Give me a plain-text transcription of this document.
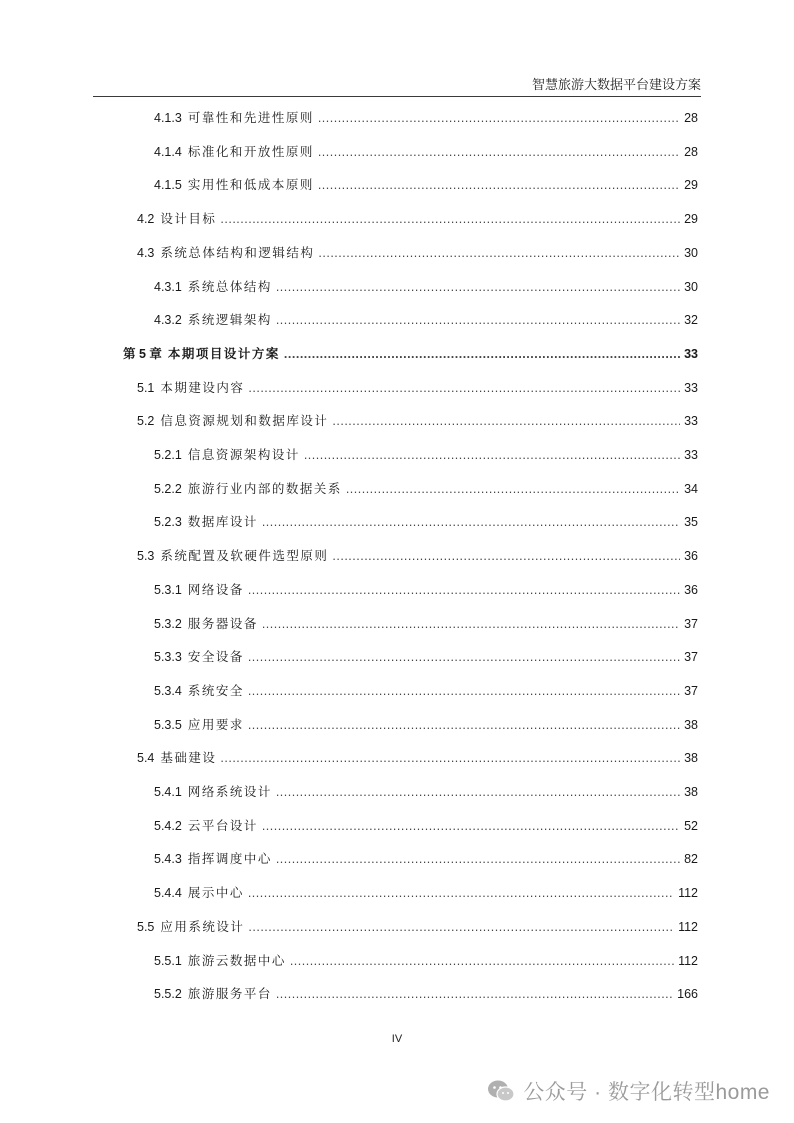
智慧旅游大数据平台建设方案
4.1.3 可靠性和先进性原则 .....	28
4.1.4 标准化和开放性原则 .....	28
4.1.5 实用性和低成本原则 .....	29
4.2 设计目标 .....	29
4.3 系统总体结构和逻辑结构 .....	30
4.3.1 系统总体结构 .....	30
4.3.2 系统逻辑架构 .....	32
第 5 章 本期项目设计方案 .....	33
5.1 本期建设内容 .....	33
5.2 信息资源规划和数据库设计 .....	33
5.2.1 信息资源架构设计 .....	33
5.2.2 旅游行业内部的数据关系 .....	34
5.2.3 数据库设计 .....	35
5.3 系统配置及软硬件选型原则 .....	36
5.3.1 网络设备 .....	36
5.3.2 服务器设备 .....	37
5.3.3 安全设备 .....	37
5.3.4 系统安全 .....	37
5.3.5 应用要求 .....	38
5.4 基础建设 .....	38
5.4.1 网络系统设计 .....	38
5.4.2 云平台设计 .....	52
5.4.3 指挥调度中心 .....	82
5.4.4 展示中心 .....	112
5.5 应用系统设计 .....	112
5.5.1 旅游云数据中心 .....	112
5.5.2 旅游服务平台 .....	166
IV
公众号 · 数字化转型home
